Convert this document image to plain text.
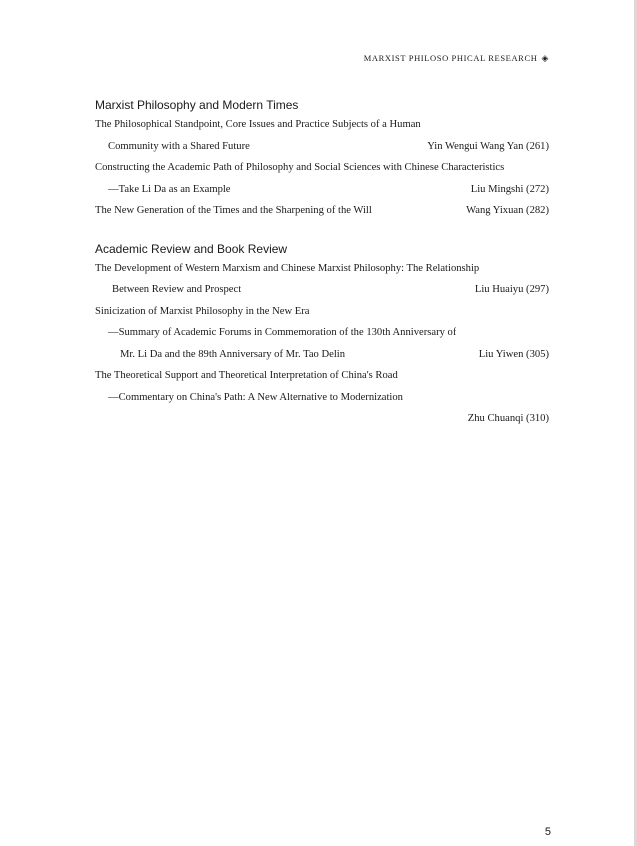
MARXIST PHILOSO PHICAL RESEARCH ◈
Marxist Philosophy and Modern Times
The Philosophical Standpoint, Core Issues and Practice Subjects of a Human
Community with a Shared Future	Yin Wengui Wang Yan (261)
Constructing the Academic Path of Philosophy and Social Sciences with Chinese Characteristics
—Take Li Da as an Example	Liu Mingshi (272)
The New Generation of the Times and the Sharpening of the Will	Wang Yixuan (282)
Academic Review and Book Review
The Development of Western Marxism and Chinese Marxist Philosophy: The Relationship
Between Review and Prospect	Liu Huaiyu (297)
Sinicization of Marxist Philosophy in the New Era
—Summary of Academic Forums in Commemoration of the 130th Anniversary of
Mr. Li Da and the 89th Anniversary of Mr. Tao Delin	Liu Yiwen (305)
The Theoretical Support and Theoretical Interpretation of China's Road
—Commentary on China's Path: A New Alternative to Modernization
Zhu Chuanqi (310)
5
